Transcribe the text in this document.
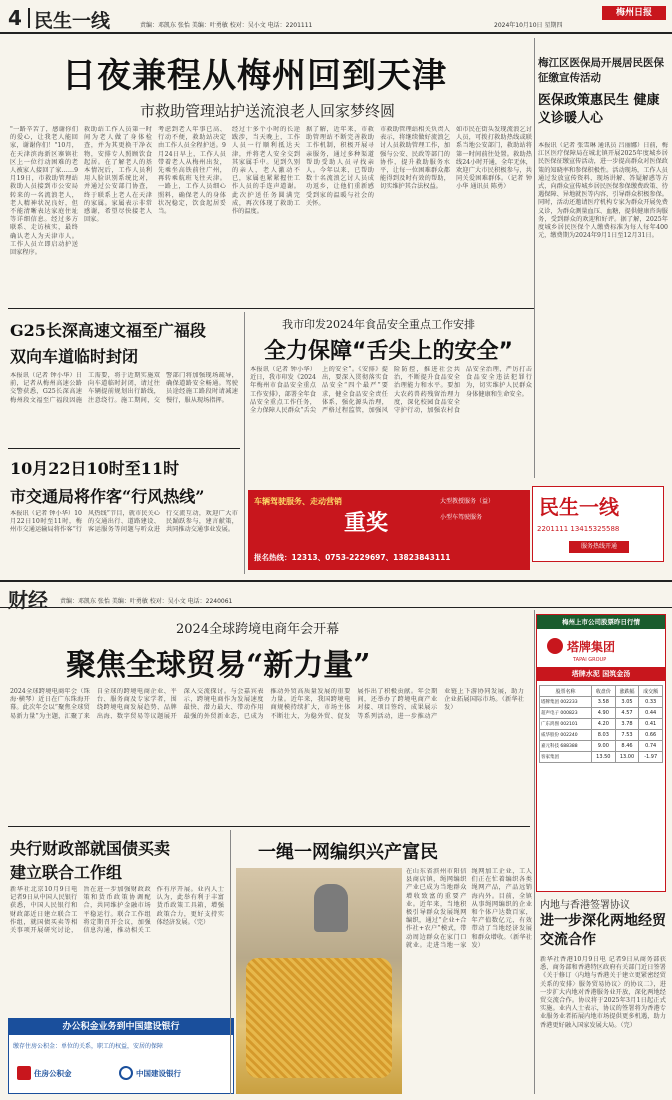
4 民生一线	责编：邓凯东 张怡 美编：叶勇敏 校对：吴小文 电话：2201111	2024年10月10日 星期四
梅州日报
日夜兼程从梅州回到天津
市救助管理站护送流浪老人回家梦终圆
"一路辛苦了，感谢你们的爱心，让我老人能回家，谢谢你们！"10月，在天津滨海新区寨镇社区上一位行动困难的老人被家人接回了家……9月19日，市救助管理站救助人员接到市公安局转来的一名流浪老人，老人精神状况良好，但不能清晰表达家庭住址等详细信息。经过多方联系、走访核实，最终确认老人为天津市人。工作人员立即启动护送回家程序。
救助站工作人员第一时间为老人做了身体检查，并为其更换干净衣物，安排专人照顾饮食起居。在了解老人的基本情况后，工作人员利用人脸识别系统比对，并通过公安部门协查，终于联系上老人在天津的家属。家属表示非常感谢，希望尽快接老人回家。
考虑到老人年事已高、行动不便，救助站决定由工作人员全程护送。9月24日早上，工作人员带着老人从梅州出发，先乘坐高铁前往广州，再转乘航班飞往天津。一路上，工作人员细心照料，确保老人的身体状况稳定，饮食起居妥当。
经过十多个小时的长途跋涉，当天晚上，工作人员一行顺利抵达天津，并将老人安全交到其家属手中。见到久别的亲人，老人激动不已，家属也紧紧握住工作人员的手连声道谢。此次护送任务圆满完成，再次体现了救助工作的温度。
据了解，近年来，市救助管理站不断完善救助工作机制，积极开展寻亲服务，通过多种渠道帮助受助人员寻找亲人。今年以来，已帮助数十名流浪乞讨人员成功返乡，让他们重新感受到家的温暖与社会的关怀。
市救助管理站相关负责人表示，将继续做好流浪乞讨人员救助管理工作，加强与公安、民政等部门的协作，提升救助服务水平，让每一位困难群众都能得到及时有效的帮助，切实维护其合法权益。
如市民在街头发现流浪乞讨人员，可拨打救助热线或联系当地公安部门，救助站将第一时间前往处置。救助热线24小时开通，全年无休，欢迎广大市民积极参与，共同关爱困难群体。（记者 钟小华 通讯员 陈勇）
G25长深高速文福至广福段
双向车道临时封闭
本报讯（记者 钟小华）日前，记者从梅州高速公路交警获悉，G25长深高速梅州段文福至广福段因施工需要，将于近期实施双向车道临时封闭，请过往车辆提前规划出行路线，注意绕行。施工期间，交警部门将加强现场疏导，确保道路安全畅通。驾驶员途经施工路段时请减速慢行，服从现场指挥。
10月22日10时至11时
市交通局将作客“行风热线”
本报讯（记者 钟小华）10月22日10时至11时，梅州市交通运输局将作客“行风热线”节目，就市民关心的交通出行、道路建设、客运服务等问题与听众进行交流互动，欢迎广大市民踊跃参与，建言献策，共同推动交通事业发展。
我市印发2024年食品安全重点工作安排
全力保障“舌尖上的安全”
本报讯（记者 钟小华）近日，我市印发《2024年梅州市食品安全重点工作安排》，部署全年食品安全重点工作任务，全力保障人民群众“舌尖上的安全”。《安排》提出，要深入贯彻落实食品安全“四个最严”要求，健全食品安全责任体系，强化源头治理，严格过程监管，加强风险防控，推进社会共治，不断提升食品安全治理能力和水平。要加大农药兽药残留治理力度，深化校园食品安全守护行动，加强农村食品安全治理，严厉打击食品安全违法犯罪行为，切实维护人民群众身体健康和生命安全。
民生一线
2201111 13415325588
服务热线开通
车辆驾驶服务、走动营销
重奖
大型教授服务（益）
小型车驾驶服务
报名热线：12313、0753-2229697、13823843111
梅江区医保局开展居民医保征缴宣传活动
医保政策惠民生 健康义诊暖人心
本报讯（记者 张雪琳 通讯员 吕丽娜）日前，梅江区医疗保障局在城北镇开展2025年度城乡居民医保征缴宣传活动，进一步提高群众对医保政策的知晓率和参保积极性。活动现场，工作人员通过发放宣传资料、现场讲解、答疑解惑等方式，向群众宣传城乡居民医保参保缴费政策、待遇保障、异地就医等内容，引导群众积极参保。同时，活动还邀请医疗机构专家为群众开展免费义诊，为群众测量血压、血糖，提供健康咨询服务，受到群众的欢迎和好评。据了解，2025年度城乡居民医保个人缴费标准为每人每年400元，缴费期为2024年9月1日至12月31日。
财经 责编：邓凯东 张怡 美编：叶勇敏 校对：吴小文 电话：2240061
2024全球跨境电商年会开幕
聚焦全球贸易“新力量”
2024全球跨境电商年会（珠海·横琴）近日在广东珠海开幕。此次年会以“聚焦全球贸易新力量”为主题，汇聚了来自全球的跨境电商企业、平台、服务商及专家学者，围绕跨境电商发展趋势、品牌出海、数字贸易等议题展开深入交流探讨。与会嘉宾表示，跨境电商作为发展速度最快、潜力最大、带动作用最强的外贸新业态，已成为推动外贸高质量发展的重要力量。近年来，我国跨境电商规模持续扩大，市场主体不断壮大，为稳外贸、促发展作出了积极贡献。年会期间，还举办了跨境电商产业对接、项目签约、成果展示等系列活动，进一步推动产业链上下游协同发展，助力企业拓展国际市场。（新华社发）
央行财政部就国债买卖
建立联合工作组
新华社北京10月9日电 记者9日从中国人民银行获悉，中国人民银行和财政部近日建立联合工作组，就国债买卖等相关事项开展研究讨论，旨在进一步加强财政政策和货币政策协调配合，共同维护金融市场平稳运行。联合工作组将定期召开会议，加强信息沟通，推动相关工作有序开展。业内人士认为，此举有利于丰富货币政策工具箱，增强政策合力，更好支持实体经济发展。（完）
办公积金业务到中国建设银行
缴存住房公积金：单位的关系，职工的权益，安居的保障
住房公积金	中国建设银行
一绳一网编织兴产富民
在山东省滨州市阳信县商店镇，绳网编织产业已成为当地群众增收致富的重要产业。近年来，当地积极引导群众发展绳网编织，通过“企业+合作社+农户”模式，带动周边群众在家门口就业。走进当地一家绳网加工企业，工人们正在忙着编织各类绳网产品，产品远销海内外。目前，全镇从事绳网编织的企业和个体户达数百家，年产值数亿元，有效带动了当地经济发展和群众增收。（新华社发）
梅州上市公司股票昨日行情
塔牌集团
TAPAI GROUP
塔牌水泥 国筑金汤
股票名称	收盘价	涨跌幅	成交额
塔牌集团 002233	3.58	3.05	0.33
超声电子 000823	4.90	4.57	0.44
广东鸿图 002101	4.20	3.78	0.41
威华股份 002240	8.03	7.53	0.66
嘉元科技 688388	9.00	8.46	0.74
客家集团	13.50	13.00	-1.97
内地与香港签署协议
进一步深化两地经贸交流合作
新华社香港10月9日电 记者9日从商务部获悉，商务部和香港特区政府有关部门近日签署《关于修订〈内地与香港关于建立更紧密经贸关系的安排〉服务贸易协议〉的协议二》，进一步扩大内地对香港服务业开放，深化两地经贸交流合作。协议将于2025年3月1日起正式实施。业内人士表示，协议的签署将为香港专业服务业者拓展内地市场提供更多机遇，助力香港更好融入国家发展大局。（完）
